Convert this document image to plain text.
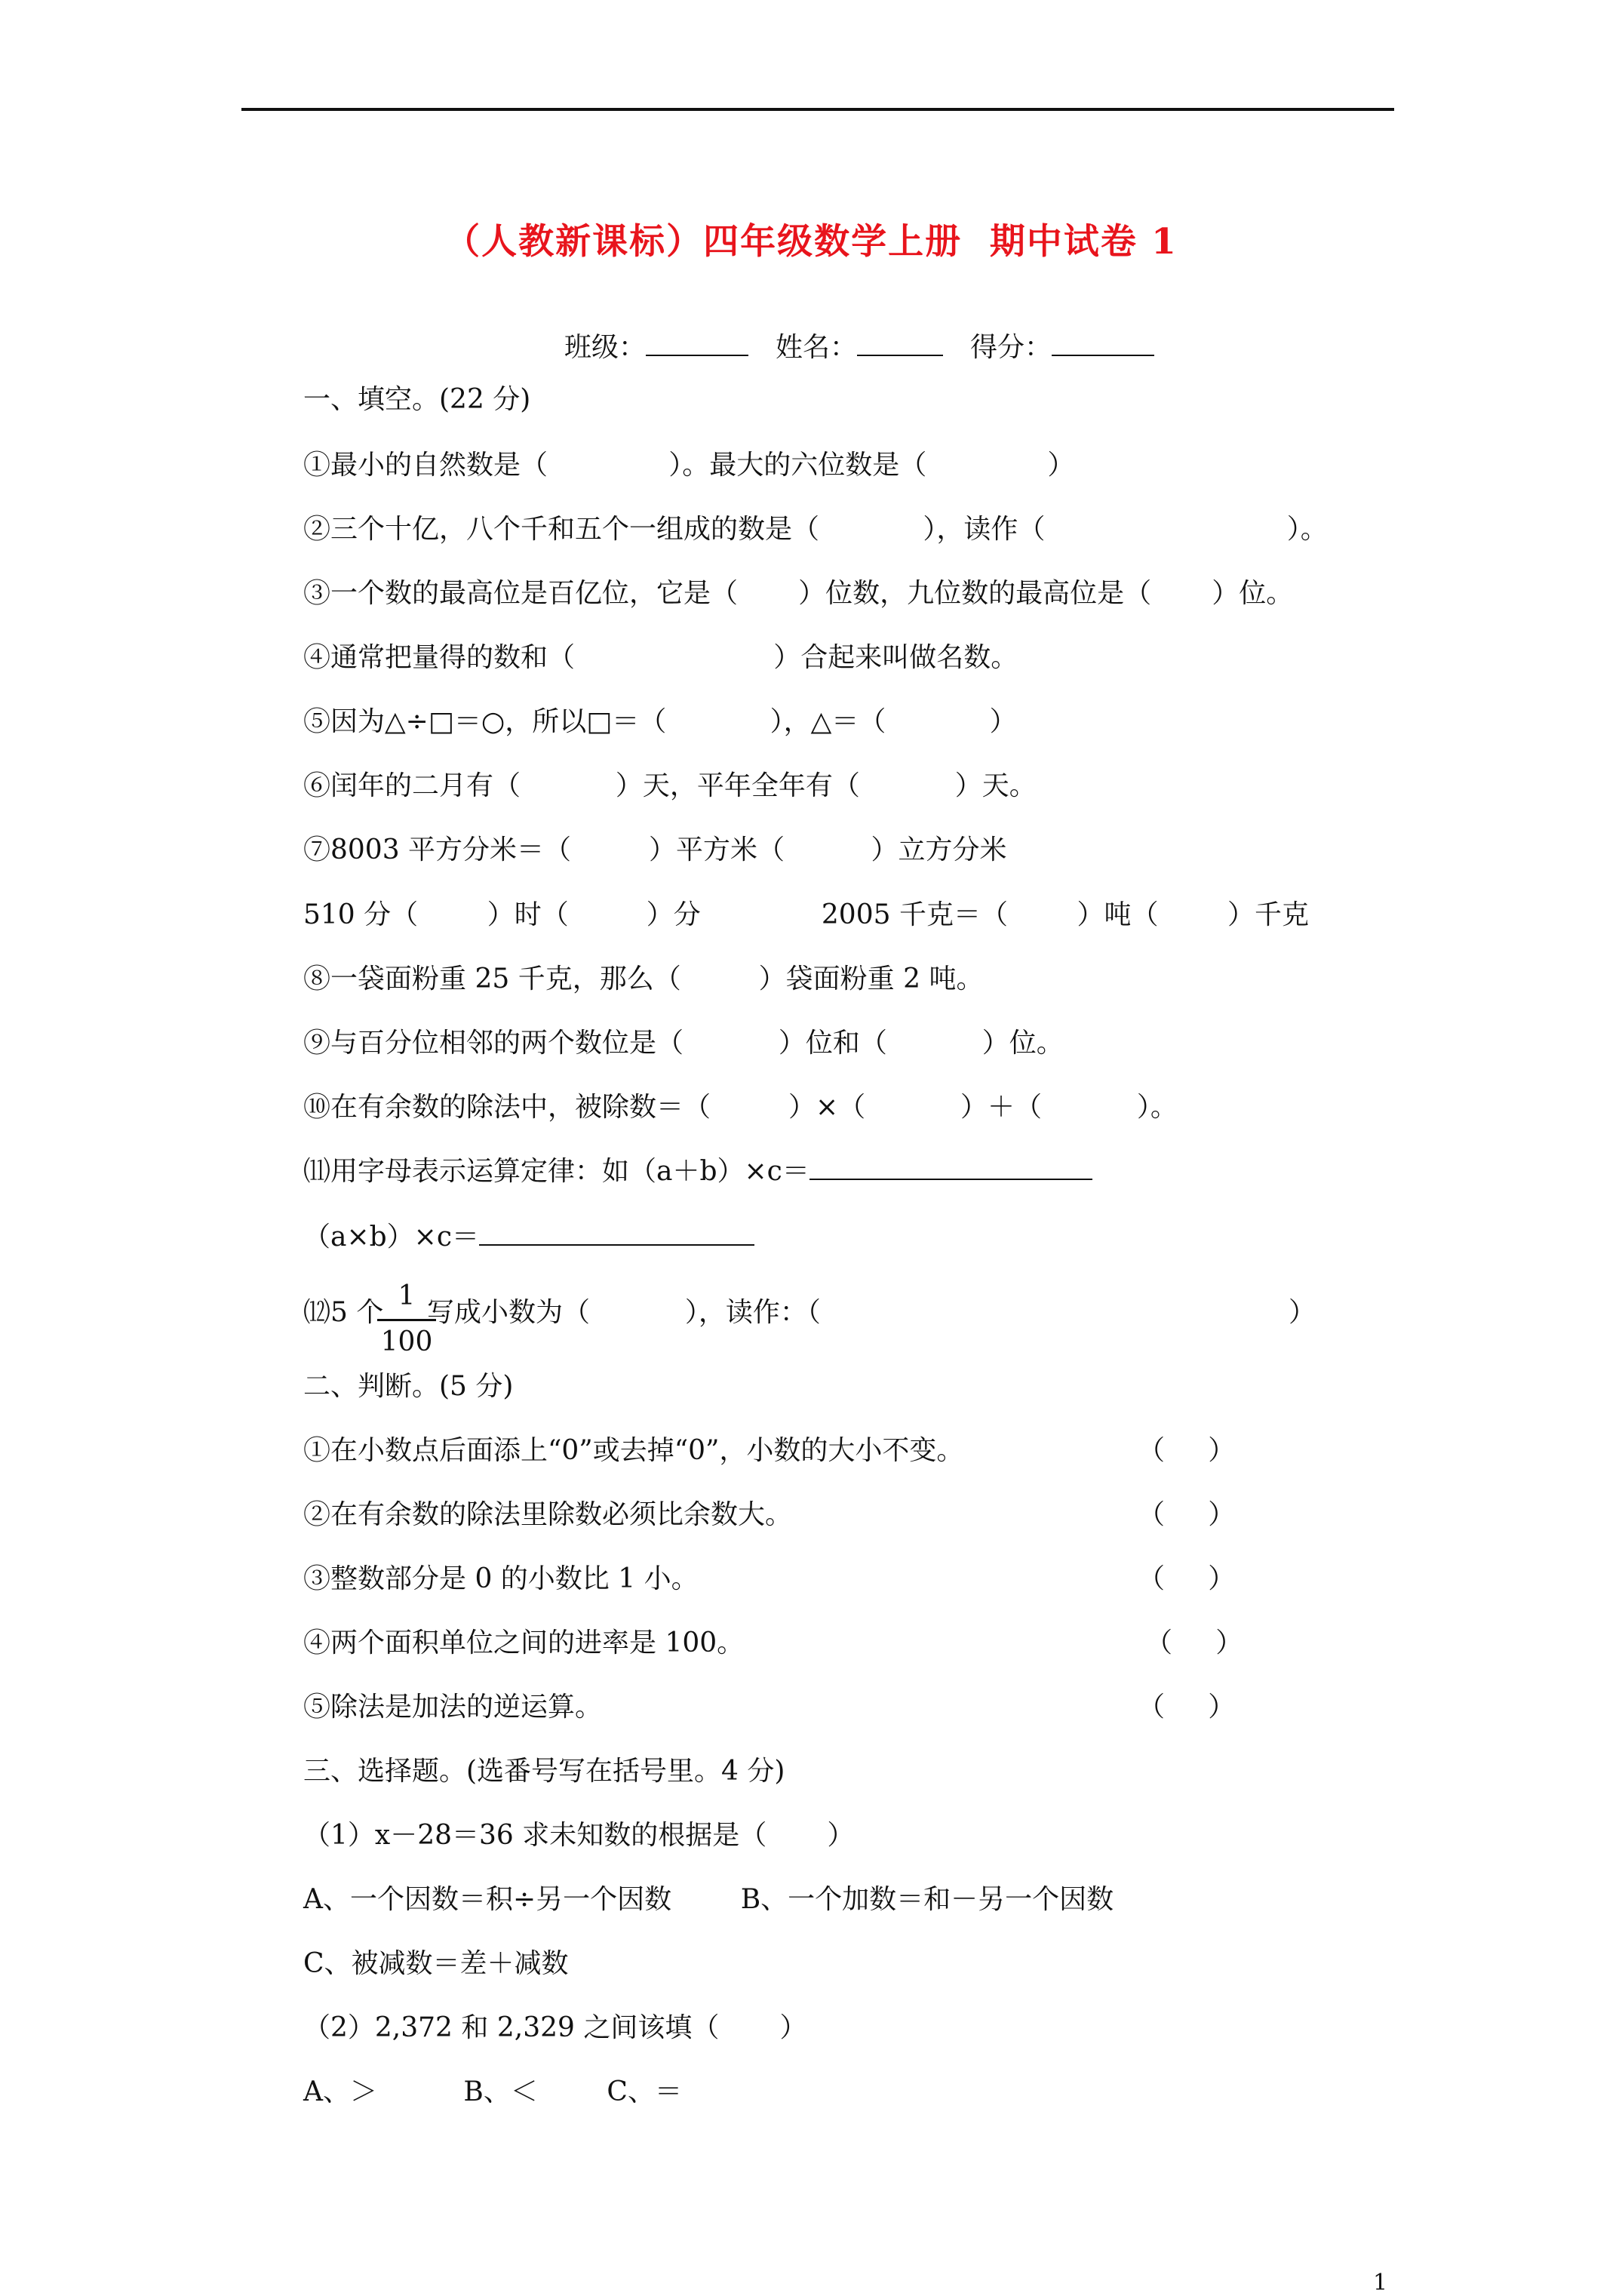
（人教新课标）四年级数学上册  期中试卷 1
班级：	姓名：	得分：
一、填空。(22 分)
①最小的自然数是（              ）。最大的六位数是（              ）
②三个十亿，八个千和五个一组成的数是（            ），读作（                            ）。
③一个数的最高位是百亿位，它是（       ）位数，九位数的最高位是（       ）位。
④通常把量得的数和（                       ）合起来叫做名数。
⑤因为△÷□＝○，所以□＝（            ），△＝（            ）
⑥闰年的二月有（           ）天，平年全年有（           ）天。
⑦8003 平方分米＝（         ）平方米（          ）立方分米
510 分（        ）时（         ）分              2005 千克＝（        ）吨（        ）千克
⑧一袋面粉重 25 千克，那么（         ）袋面粉重 2 吨。
⑨与百分位相邻的两个数位是（           ）位和（           ）位。
⑩在有余数的除法中，被除数＝（         ）×（           ）＋（           ）。
⑾用字母表示运算定律：如（a＋b）×c＝
（a×b）×c＝
⑿5 个
1
100
写成小数为（           ），读作：（	）
二、判断。(5 分)
①在小数点后面添上“0”或去掉“0”，小数的大小不变。	（     ）
②在有余数的除法里除数必须比余数大。	（     ）
③整数部分是 0 的小数比 1 小。	（     ）
④两个面积单位之间的进率是 100。	（     ）
⑤除法是加法的逆运算。	（     ）
三、选择题。(选番号写在括号里。4 分)
（1）x－28＝36 求未知数的根据是（       ）
A、一个因数＝积÷另一个因数        B、一个加数＝和－另一个因数
C、被减数＝差＋减数
（2）2,372 和 2,329 之间该填（       ）
A、＞          B、＜        C、＝
1
